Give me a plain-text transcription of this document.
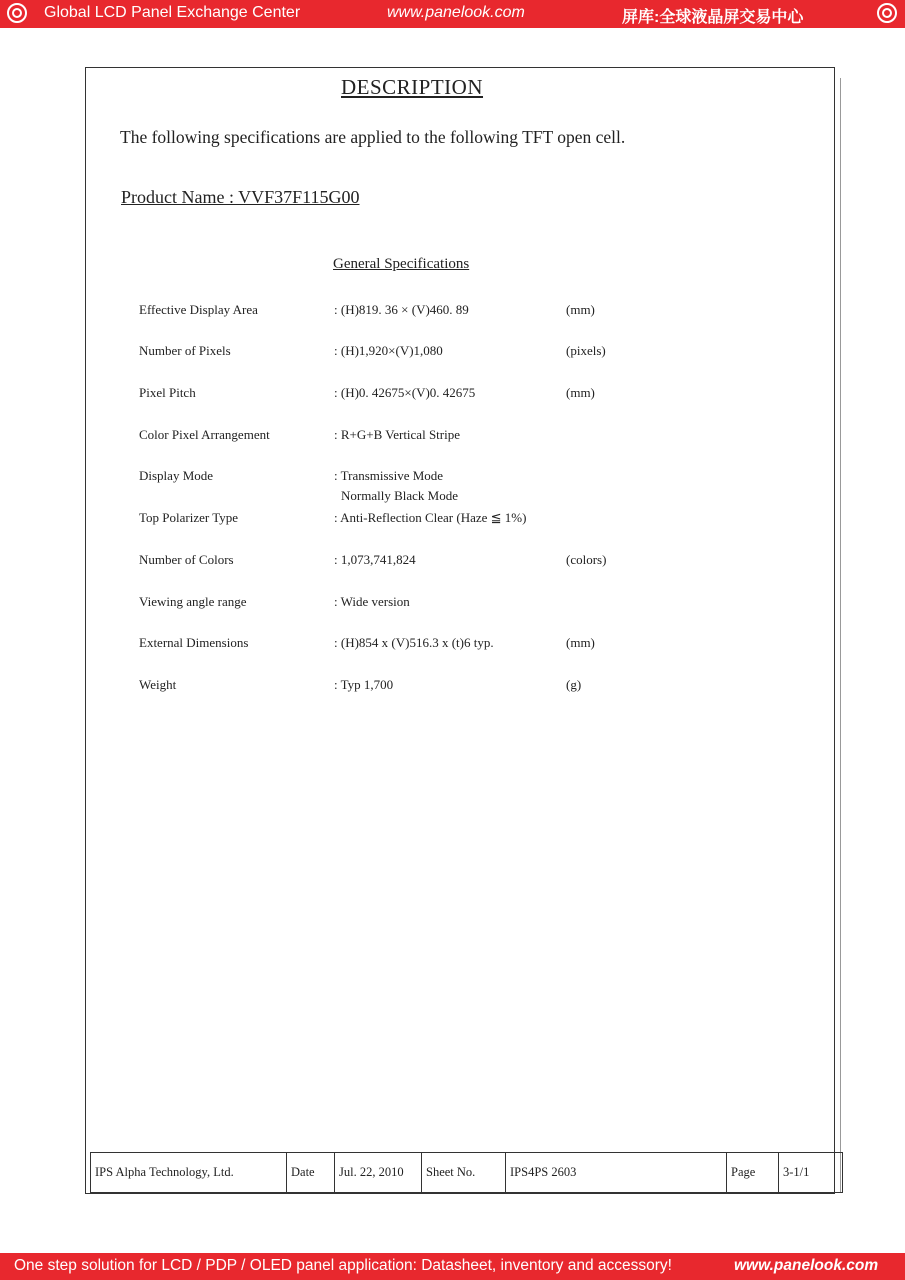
Global LCD Panel Exchange Center	www.panelook.com	屏库:全球液晶屏交易中心
DESCRIPTION
The following specifications are applied to the following TFT open cell.
Product Name : VVF37F115G00
General Specifications
Effective Display Area	: (H)819. 36 × (V)460. 89	(mm)
Number of Pixels	: (H)1,920×(V)1,080	(pixels)
Pixel Pitch	: (H)0. 42675×(V)0. 42675	(mm)
Color Pixel Arrangement	: R+G+B Vertical Stripe
Display Mode	: Transmissive Mode
Normally Black Mode
Top Polarizer Type	: Anti-Reflection Clear (Haze ≦ 1%)
Number of Colors	: 1,073,741,824	(colors)
Viewing angle range	: Wide version
External Dimensions	: (H)854 x (V)516.3 x (t)6 typ.	(mm)
Weight	: Typ 1,700	(g)
IPS Alpha Technology, Ltd.	Date	Jul. 22, 2010	Sheet No.	IPS4PS 2603	Page	3-1/1
One step solution for LCD / PDP / OLED panel application: Datasheet, inventory and accessory!	www.panelook.com
